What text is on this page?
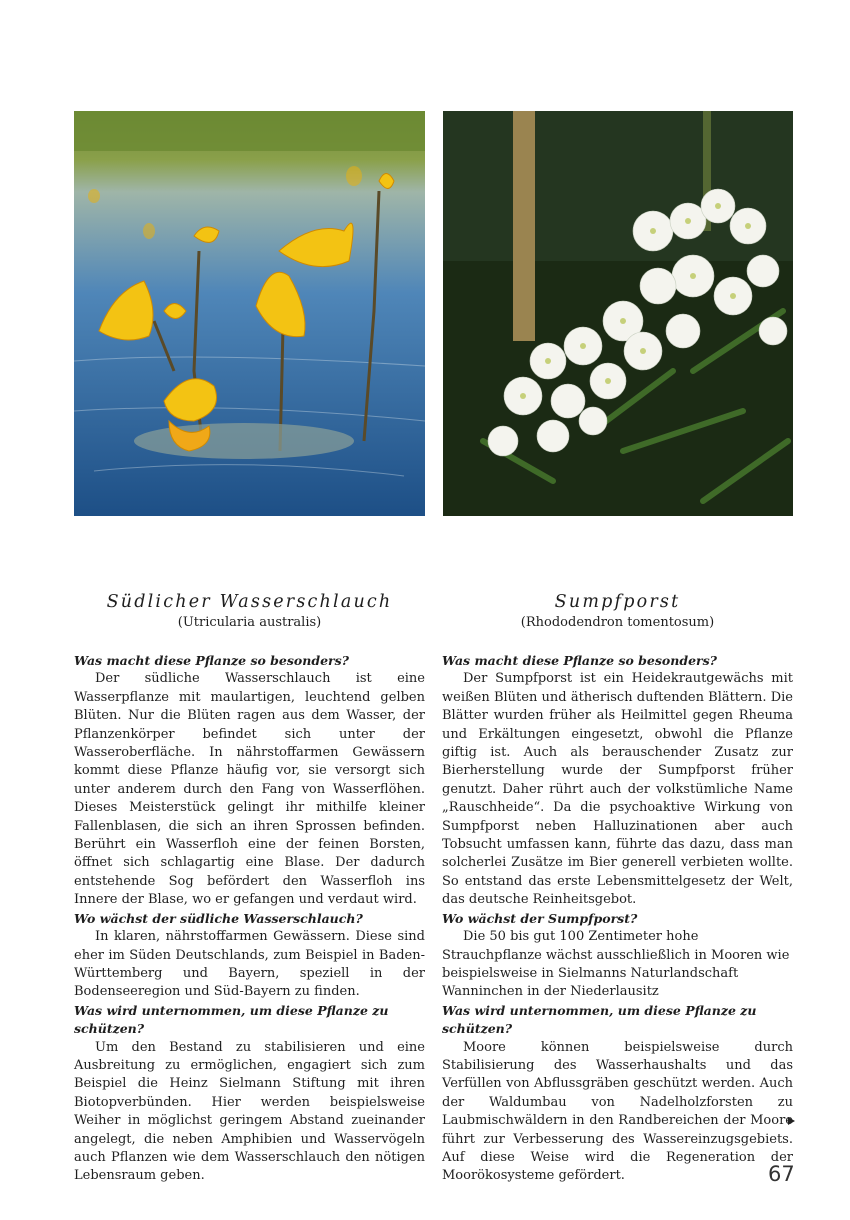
Südlicher Wasserschlauch

(Utricularia australis)

Was macht diese Pflanze so besonders?

Der südliche Wasserschlauch ist eine Wasserpflanze mit maulartigen, leuchtend gelben Blüten. Nur die Blüten ragen aus dem Wasser, der Pflanzenkörper befindet sich unter der Wasseroberfläche. In nährstoffarmen Gewässern kommt diese Pflanze häufig vor, sie versorgt sich unter anderem durch den Fang von Wasserflöhen. Dieses Meisterstück gelingt ihr mithilfe kleiner Fallenblasen, die sich an ihren Sprossen befinden. Berührt ein Wasserfloh eine der feinen Borsten, öffnet sich schlagartig eine Blase. Der dadurch entstehende Sog befördert den Wasserfloh ins Innere der Blase, wo er gefangen und verdaut wird.

Wo wächst der südliche Wasserschlauch?

In klaren, nährstoffarmen Gewässern. Diese sind eher im Süden Deutschlands, zum Beispiel in Baden-Württemberg und Bayern, speziell in der Bodenseeregion und Süd-Bayern zu finden.

Was wird unternommen, um diese Pflanze zu schützen?

Um den Bestand zu stabilisieren und eine Ausbreitung zu ermöglichen, engagiert sich zum Beispiel die Heinz Sielmann Stiftung mit ihren Biotopverbünden. Hier werden beispielsweise Weiher in möglichst geringem Abstand zueinander angelegt, die neben Amphibien und Wasservögeln auch Pflanzen wie dem Wasserschlauch den nötigen Lebensraum geben.

Sumpfporst

(Rhododendron tomentosum)

Was macht diese Pflanze so besonders?

Der Sumpfporst ist ein Heidekrautgewächs mit weißen Blüten und ätherisch duftenden Blättern. Die Blätter wurden früher als Heilmittel gegen Rheuma und Erkältungen eingesetzt, obwohl die Pflanze giftig ist. Auch als berauschender Zusatz zur Bierherstellung wurde der Sumpfporst früher genutzt. Daher rührt auch der volkstümliche Name „Rauschheide“. Da die psychoaktive Wirkung von Sumpfporst neben Halluzinationen aber auch Tobsucht umfassen kann, führte das dazu, dass man solcherlei Zusätze im Bier generell verbieten wollte. So entstand das erste Lebensmittelgesetz der Welt, das deutsche Reinheitsgebot.

Wo wächst der Sumpfporst?

Die 50 bis gut 100 Zentimeter hohe Strauchpflanze wächst ausschließlich in Mooren wie beispielsweise in Sielmanns Naturlandschaft Wanninchen in der Niederlausitz

Was wird unternommen, um diese Pflanze zu schützen?

Moore können beispielsweise durch Stabilisierung des Wasserhaushalts und das Verfüllen von Abflussgräben geschützt werden. Auch der Waldumbau von Nadelholzforsten zu Laubmischwäldern in den Randbereichen der Moore führt zur Verbesserung des Wassereinzugsgebiets. Auf diese Weise wird die Regeneration der Moorökosysteme gefördert.	67
